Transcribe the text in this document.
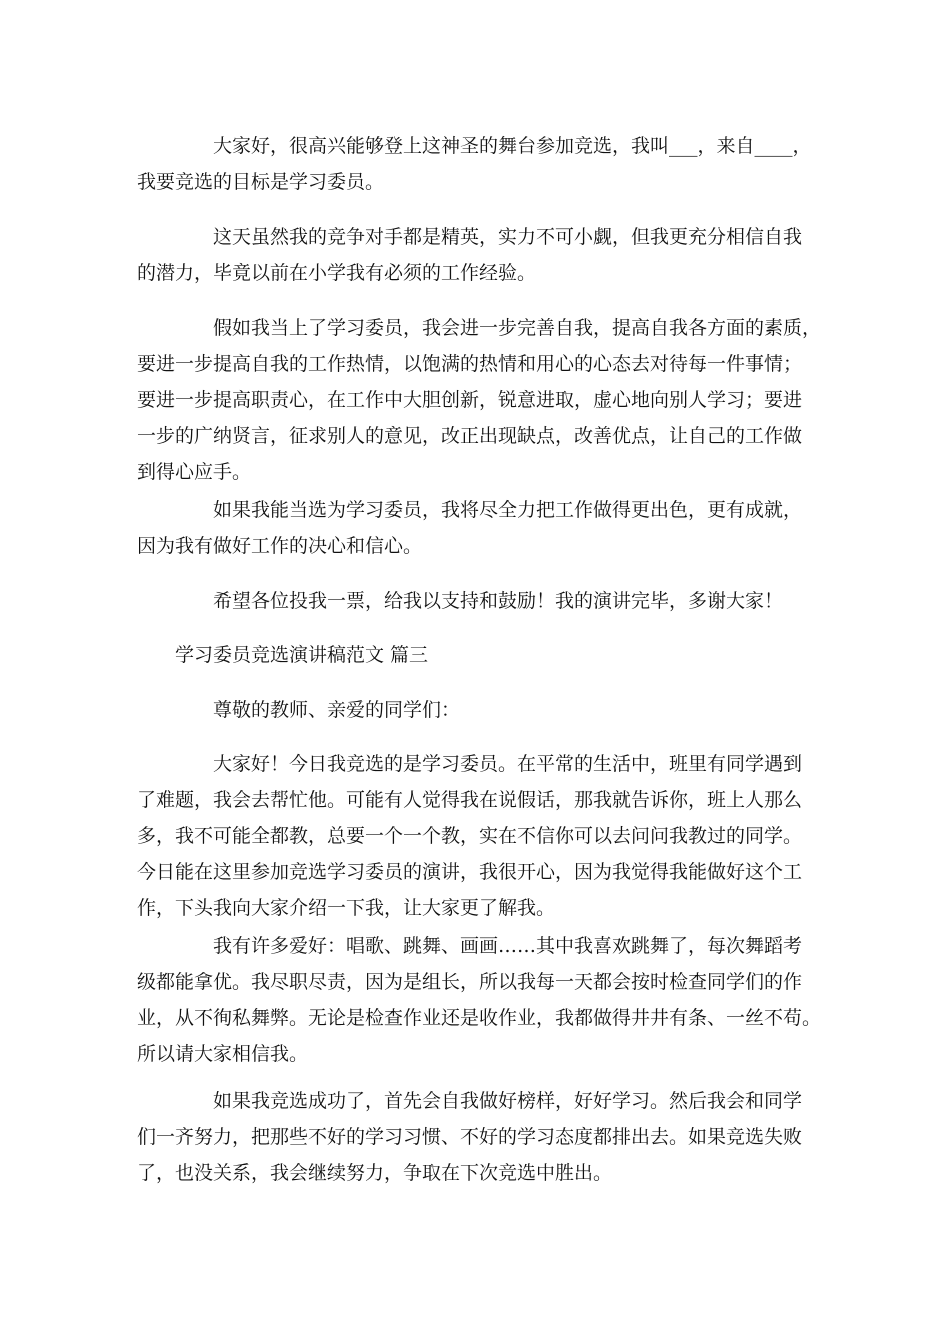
大家好，很高兴能够登上这神圣的舞台参加竞选，我叫___，来自____，
我要竞选的目标是学习委员。
这天虽然我的竞争对手都是精英，实力不可小觑，但我更充分相信自我
的潜力，毕竟以前在小学我有必须的工作经验。
假如我当上了学习委员，我会进一步完善自我，提高自我各方面的素质，
要进一步提高自我的工作热情，以饱满的热情和用心的心态去对待每一件事情；
要进一步提高职责心，在工作中大胆创新，锐意进取，虚心地向别人学习；要进
一步的广纳贤言，征求别人的意见，改正出现缺点，改善优点，让自己的工作做
到得心应手。
如果我能当选为学习委员，我将尽全力把工作做得更出色，更有成就，
因为我有做好工作的决心和信心。
希望各位投我一票，给我以支持和鼓励！我的演讲完毕，多谢大家！
学习委员竞选演讲稿范文 篇三
尊敬的教师、亲爱的同学们：
大家好！今日我竞选的是学习委员。在平常的生活中，班里有同学遇到
了难题，我会去帮忙他。可能有人觉得我在说假话，那我就告诉你，班上人那么
多，我不可能全都教，总要一个一个教，实在不信你可以去问问我教过的同学。
今日能在这里参加竞选学习委员的演讲，我很开心，因为我觉得我能做好这个工
作，下头我向大家介绍一下我，让大家更了解我。
我有许多爱好：唱歌、跳舞、画画……其中我喜欢跳舞了，每次舞蹈考
级都能拿优。我尽职尽责，因为是组长，所以我每一天都会按时检查同学们的作
业，从不徇私舞弊。无论是检查作业还是收作业，我都做得井井有条、一丝不苟。
所以请大家相信我。
如果我竞选成功了，首先会自我做好榜样，好好学习。然后我会和同学
们一齐努力，把那些不好的学习习惯、不好的学习态度都排出去。如果竞选失败
了，也没关系，我会继续努力，争取在下次竞选中胜出。
